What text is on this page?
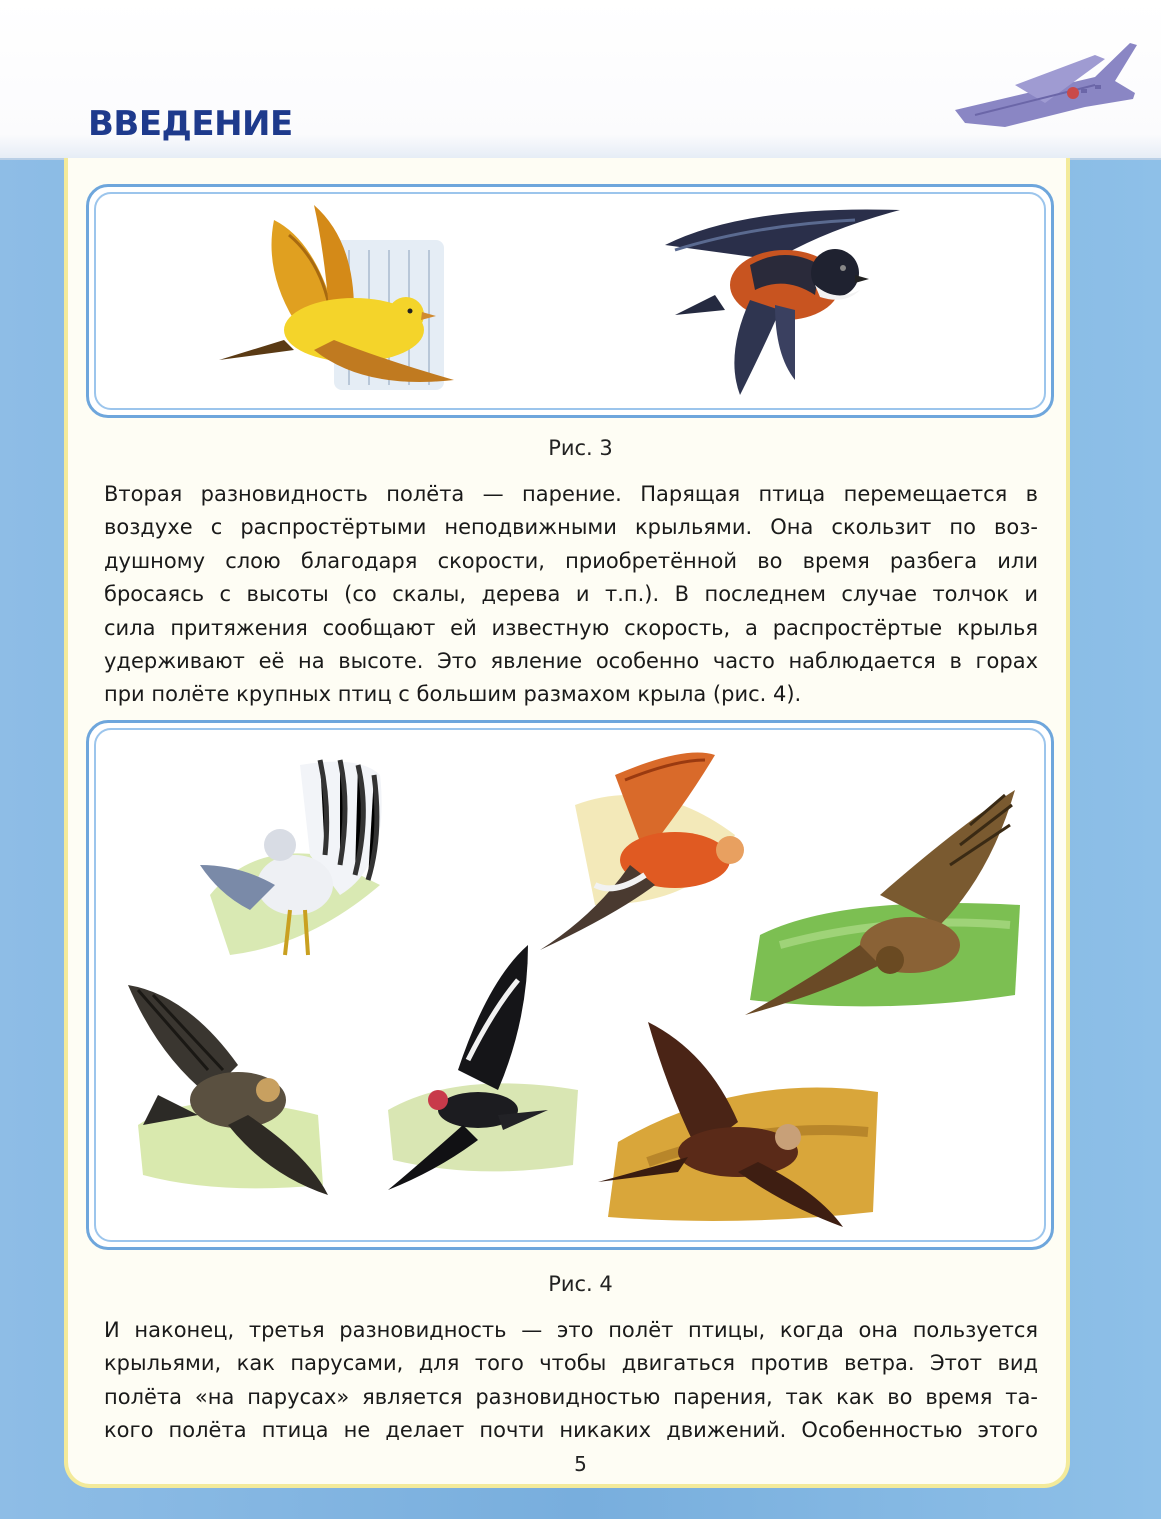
ВВЕДЕНИЕ
Рис. 3
Вторая разновидность полёта — парение. Парящая птица перемещается в
воздухе с распростёртыми неподвижными крыльями. Она скользит по воз-
душному слою благодаря скорости, приобретённой во время разбега или
бросаясь с высоты (со скалы, дерева и т.п.). В последнем случае толчок и
сила притяжения сообщают ей известную скорость, а распростёртые крылья
удерживают её на высоте. Это явление особенно часто наблюдается в горах
при полёте крупных птиц с большим размахом крыла (рис. 4).
Рис. 4
И наконец, третья разновидность — это полёт птицы, когда она пользуется
крыльями, как парусами, для того чтобы двигаться против ветра. Этот вид
полёта «на парусах» является разновидностью парения, так как во время та-
кого полёта птица не делает почти никаких движений. Особенностью этого
5
